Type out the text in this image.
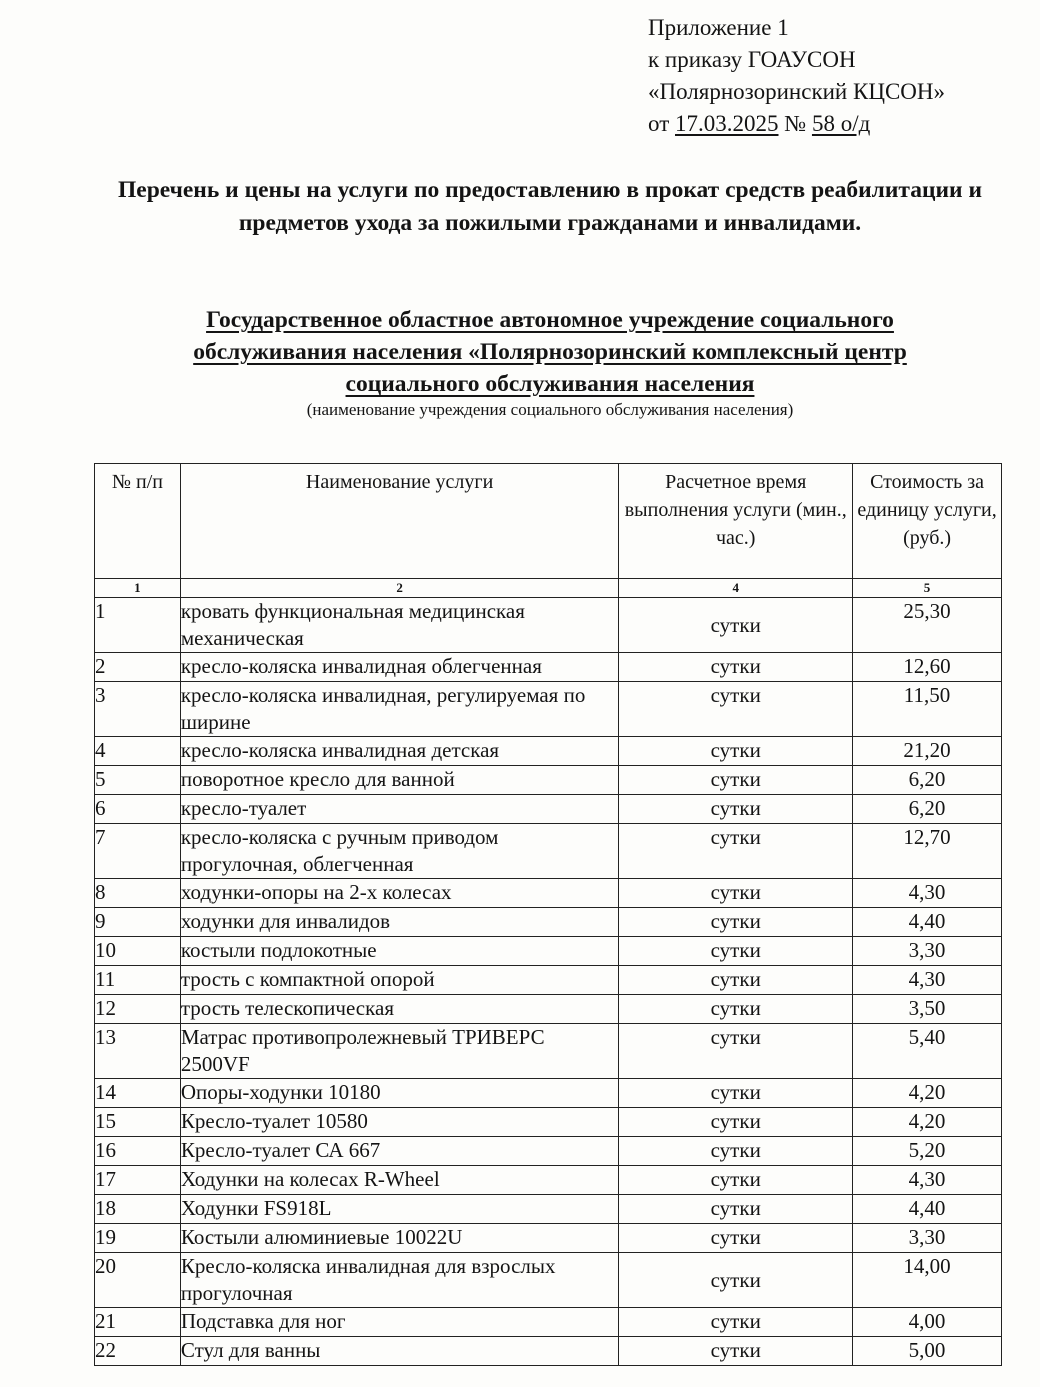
Приложение 1
к приказу ГОАУСОН
«Полярнозоринский КЦСОН»
от 17.03.2025 № 58 о/д
Перечень и цены на услуги по предоставлению в прокат средств реабилитации и предметов ухода за пожилыми гражданами и инвалидами.
Государственное областное автономное учреждение социального
обслуживания населения «Полярнозоринский комплексный центр
социального обслуживания населения
(наименование учреждения социального обслуживания населения)
№ п/п	Наименование услуги	Расчетное время выполнения услуги (мин., час.)	Стоимость за единицу услуги, (руб.)
1	2	4	5
1	кровать функциональная медицинская механическая	сутки	25,30
2	кресло-коляска инвалидная облегченная	сутки	12,60
3	кресло-коляска инвалидная, регулируемая по ширине	сутки	11,50
4	кресло-коляска инвалидная детская	сутки	21,20
5	поворотное кресло для ванной	сутки	6,20
6	кресло-туалет	сутки	6,20
7	кресло-коляска с ручным приводом прогулочная, облегченная	сутки	12,70
8	ходунки-опоры на 2-х колесах	сутки	4,30
9	ходунки для инвалидов	сутки	4,40
10	костыли подлокотные	сутки	3,30
11	трость с компактной опорой	сутки	4,30
12	трость телескопическая	сутки	3,50
13	Матрас противопролежневый ТРИВЕРС 2500VF	сутки	5,40
14	Опоры-ходунки 10180	сутки	4,20
15	Кресло-туалет 10580	сутки	4,20
16	Кресло-туалет СА 667	сутки	5,20
17	Ходунки на колесах R-Wheel	сутки	4,30
18	Ходунки FS918L	сутки	4,40
19	Костыли алюминиевые 10022U	сутки	3,30
20	Кресло-коляска инвалидная для взрослых прогулочная	сутки	14,00
21	Подставка для ног	сутки	4,00
22	Стул для ванны	сутки	5,00
